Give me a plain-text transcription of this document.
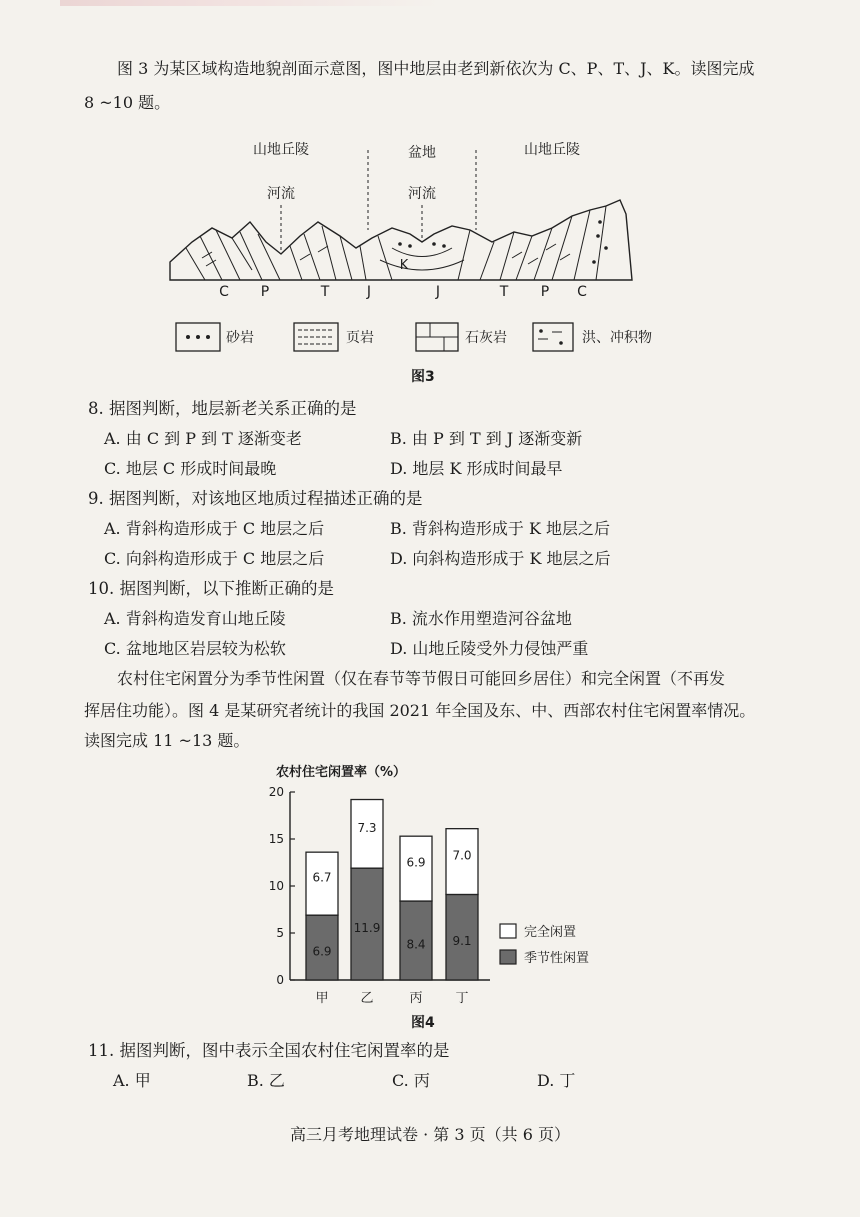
图 3 为某区域构造地貌剖面示意图，图中地层由老到新依次为 C、P、T、J、K。读图完成
8 ~10 题。
山地丘陵	盆地	山地丘陵
河流	河流
C P	T	J	J	T P C
K
砂岩	页岩	石灰岩	洪、冲积物
图3
8. 据图判断，地层新老关系正确的是
A. 由 C 到 P 到 T 逐渐变老	B. 由 P 到 T 到 J 逐渐变新
C. 地层 C 形成时间最晚	D. 地层 K 形成时间最早
9. 据图判断，对该地区地质过程描述正确的是
A. 背斜构造形成于 C 地层之后	B. 背斜构造形成于 K 地层之后
C. 向斜构造形成于 C 地层之后	D. 向斜构造形成于 K 地层之后
10. 据图判断，以下推断正确的是
A. 背斜构造发育山地丘陵	B. 流水作用塑造河谷盆地
C. 盆地地区岩层较为松软	D. 山地丘陵受外力侵蚀严重
农村住宅闲置分为季节性闲置（仅在春节等节假日可能回乡居住）和完全闲置（不再发
挥居住功能）。图 4 是某研究者统计的我国 2021 年全国及东、中、西部农村住宅闲置率情况。
读图完成 11 ~13 题。
农村住宅闲置率（%）
0
5
10
15
20
甲 乙	丙	丁
6.9
6.7
11.9
7.3
8.4
6.9
9.1
7.0
完全闲置
季节性闲置
图4
11. 据图判断，图中表示全国农村住宅闲置率的是
A. 甲	B. 乙	C. 丙	D. 丁
高三月考地理试卷 · 第 3 页（共 6 页）
